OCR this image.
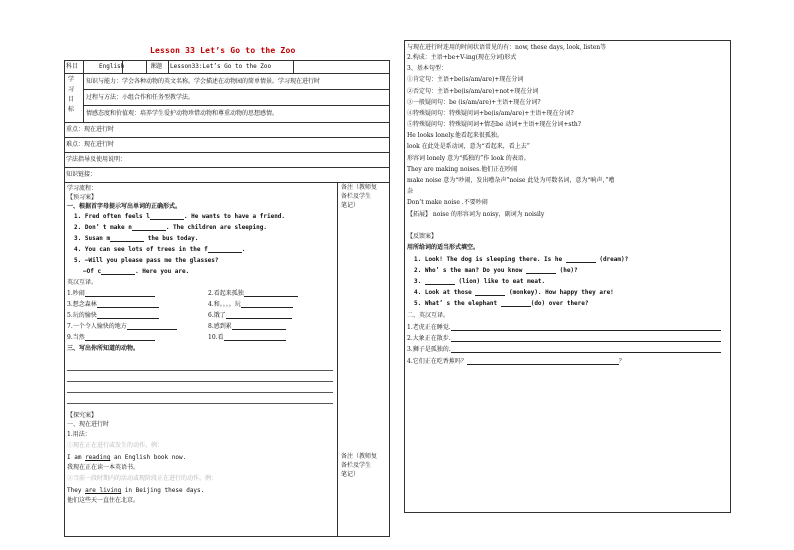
Lesson 33 Let’s Go to the Zoo
科目	English	课题 Lesson33:Let’s Go to the Zoo
学
习
目
标
知识与能力：学会各种动物的英文名称。学会描述在动物园的简单情景。学习现在进行时
过程与方法：小组合作和任务型教学法。
情感态度和价值观：培养学生爱护动物珍惜动物和尊重动物的思想感情。
重点：现在进行时
难点：现在进行时
学法指导及使用说明：
知识链接：
备注（教师复
备栏及学生
笔记）
备注（教师复
备栏及学生
笔记）
学习流程：
【预习案】
一、根据首字母提示写出单词的正确形式。
1. Fred often feels l	. He wants to have a friend.
2. Don’ t make n	. The children are sleeping.
3. Susan m	the bus today.
4. You can see lots of trees in the f	.
5. —Will you please pass me the glasses?
—Of c	. Here you are.
英汉互译。
1.吵闹	2.看起来孤独
3.想念森林	4.和。。。。玩
5.玩的愉快	6.饿了
7.一个令人愉快的地方	8.感到累
9.当然	10.看
三、写出你所知道的动物。
【探究案】
一、现在进行时
1.用法：
①现在正在进行或发生的动作。例：
I am reading an English book now.
我现在正在读一本英语书。
②当前一段时期内的活动或现阶段正在进行的动作。例：
They are living in Beijing these days.
他们这些天一直住在北京。
与现在进行时连用的时间状语常见的有：now, these days, look, listen等
2.构成：主语+be+V-ing(现在分词)形式
3、基本句型：
①肯定句：主语+be(is/am/are)+现在分词
②否定句：主语+be(is/am/are)+not+现在分词
③一般疑问句：be (is/am/are)+主语+现在分词?
④特殊疑问句：特殊疑问词+be(is/am/are)+主语+现在分词?
⑤特殊疑问句：特殊疑问词+情态be 动词+主语+现在分词+sth?
He looks lonely.他看起来很孤独。
look 在此处是系动词，意为“看起来，看上去”
形容词 lonely 意为“孤独的”作 look 的表语。
They are making noises.他们正在吵闹
make noise 意为“吵闹，发出嘈杂声”noise 此处为可数名词，意为“响声，”嘈
杂
Don’t make noise .不要吵闹
【拓展】 noise 的形容词为 noisy，副词为 noisily
【反馈案】
用所给词的适当形式填空。
1. Look! The dog is sleeping there. Is he	(dream)?
2. Who’ s the man? Do you know	(he)?
3.	(lion) like to eat meat.
4. Look at those	(monkey). How happy they are!
5. What’ s the elephant	(do) over there?
二、英汉互译。
1.老虎正在睡觉.
2.大象正在散步.
3.狮子是孤独的.
4.它们正在吃香蕉吗？	？
